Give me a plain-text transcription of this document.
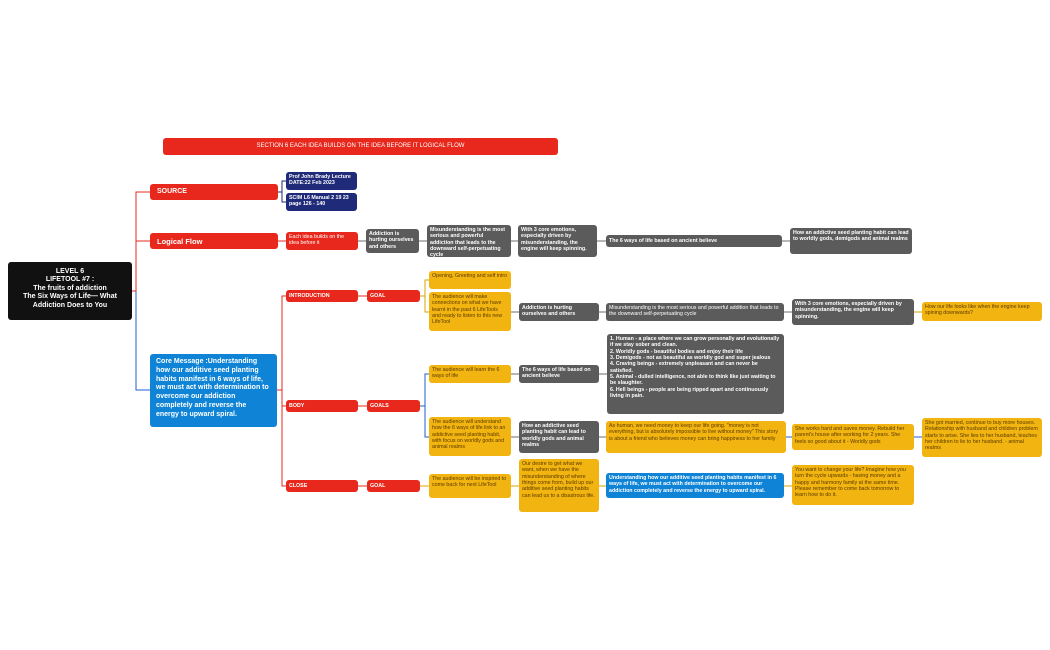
SECTION 6 EACH IDEA BUILDS ON THE IDEA BEFORE IT LOGICAL FLOW
LEVEL 6
LIFETOOL #7 :
The fruits of addiction
The Six Ways of Life— What
Addiction Does to You
SOURCE
Prof John Brady Lecture DATE:22 Feb 2023
SCIM L6 Manual 2 19 23 page 126 - 140
Logical Flow	Each idea builds on the idea before it
Addiction is hurting ourselves and others
Misunderstanding is the most serious and powerful addiction that leads to the downward self-perpetuating cycle
With 3 core emotions, especially driven by misunderstanding, the engine will keep spinning.
The 6 ways of life based on ancient believe
How an addictive seed planting habit can lead to worldly gods, demigods and animal realms
Core Message :Understanding how our additive seed planting habits manifest in 6 ways of life, we must act with determination to overcome our addiction completely and reverse the energy to upward spiral.
INTRODUCTION	GOAL
Opening, Greeting and self intro
The audience will make connections on what we have learnt in the past 6 LifeTools and ready to listen to this new LifeTool
Addiction is hurting ourselves and others
Misunderstanding is the most serious and powerful addition that leads to the downward self-perpetuating cycle
With 3 core emotions, especially driven by misunderstanding, the engine will keep spinning.
How our life looks like when the engine keep spining downwards?
BODY	GOALS
The audience will learn the 6 ways of life
The 6 ways of life based on ancient believe
1. Human - a place where we can grow personally and evolutionally if we stay sober and clean.
2. Worldly gods - beautiful bodies and enjoy their life
3. Demigods - not as beautiful as worldly god and super jealous
4. Craving beings - extremely unpleasant and can never be satisfied.
5. Animal - dulled intelligence, not able to think like just waiting to be slaughter.
6. Hell beings - people are being ripped apart and continuously living in pain.
The audience will understand how the 6 ways of life link to an addictive seed planting habit, with focus on worldly gods and animal realms
How an addictive seed planting habit can lead to worldly gods and animal realms
As human, we need money to keep our life going. "money is not everything, but is absolutely impossible to live without money" This story is about a friend who believes money can bring happiness to her family
She works hard and saves money. Rebuild her parent's house after working for 2 years. She feels so good about it - Worldly gods
She got married, continue to buy more houses. Relationship with husband and children problem starts to arise. She lies to her husband, teaches her children to lie to her husband. - animal realms
CLOSE	GOAL
The audience will be inspired to come back for next LifeTool
Our desire to get what we want, when we have the misunderstanding of where things come from, build up our additive seed planting habits can lead us to a disastrous life.
Understanding how our additive seed planting habits manifest in 6 ways of life, we must act with determination to overcome our addiction completely and reverse the energy to upward spiral.
You want to change your life? Imagine how you turn the cycle upwards - having money and a happy and harmony family at the same time. Please remember to come back tomorrow to learn how to do it.
